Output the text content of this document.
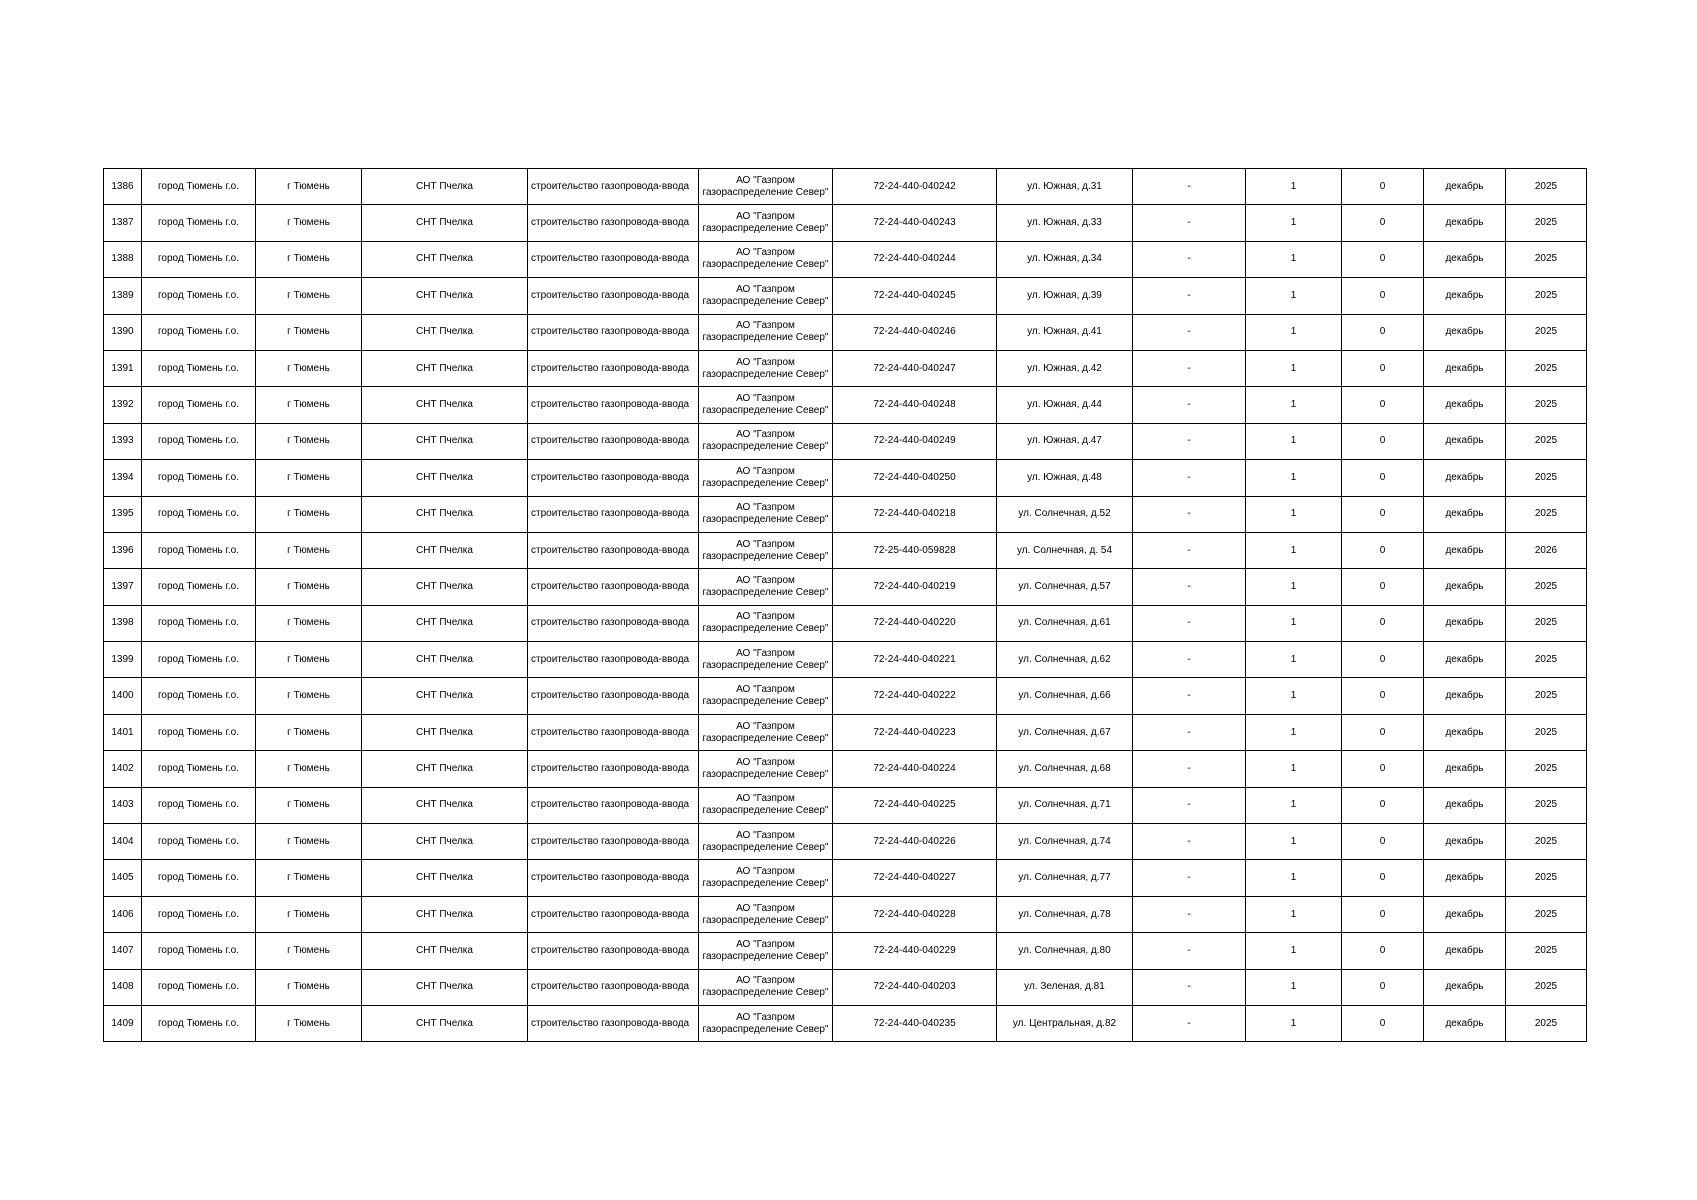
1386	город Тюмень г.о.	г Тюмень	СНТ Пчелка	строительство газопровода-ввода	АО "Газпром газораспределение Север"	72-24-440-040242	ул. Южная, д.31	-	1	0	декабрь	2025
1387	город Тюмень г.о.	г Тюмень	СНТ Пчелка	строительство газопровода-ввода	АО "Газпром газораспределение Север"	72-24-440-040243	ул. Южная, д.33	-	1	0	декабрь	2025
1388	город Тюмень г.о.	г Тюмень	СНТ Пчелка	строительство газопровода-ввода	АО "Газпром газораспределение Север"	72-24-440-040244	ул. Южная, д.34	-	1	0	декабрь	2025
1389	город Тюмень г.о.	г Тюмень	СНТ Пчелка	строительство газопровода-ввода	АО "Газпром газораспределение Север"	72-24-440-040245	ул. Южная, д.39	-	1	0	декабрь	2025
1390	город Тюмень г.о.	г Тюмень	СНТ Пчелка	строительство газопровода-ввода	АО "Газпром газораспределение Север"	72-24-440-040246	ул. Южная, д.41	-	1	0	декабрь	2025
1391	город Тюмень г.о.	г Тюмень	СНТ Пчелка	строительство газопровода-ввода	АО "Газпром газораспределение Север"	72-24-440-040247	ул. Южная, д.42	-	1	0	декабрь	2025
1392	город Тюмень г.о.	г Тюмень	СНТ Пчелка	строительство газопровода-ввода	АО "Газпром газораспределение Север"	72-24-440-040248	ул. Южная, д.44	-	1	0	декабрь	2025
1393	город Тюмень г.о.	г Тюмень	СНТ Пчелка	строительство газопровода-ввода	АО "Газпром газораспределение Север"	72-24-440-040249	ул. Южная, д.47	-	1	0	декабрь	2025
1394	город Тюмень г.о.	г Тюмень	СНТ Пчелка	строительство газопровода-ввода	АО "Газпром газораспределение Север"	72-24-440-040250	ул. Южная, д.48	-	1	0	декабрь	2025
1395	город Тюмень г.о.	г Тюмень	СНТ Пчелка	строительство газопровода-ввода	АО "Газпром газораспределение Север"	72-24-440-040218	ул. Солнечная, д.52	-	1	0	декабрь	2025
1396	город Тюмень г.о.	г Тюмень	СНТ Пчелка	строительство газопровода-ввода	АО "Газпром газораспределение Север"	72-25-440-059828	ул. Солнечная, д. 54	-	1	0	декабрь	2026
1397	город Тюмень г.о.	г Тюмень	СНТ Пчелка	строительство газопровода-ввода	АО "Газпром газораспределение Север"	72-24-440-040219	ул. Солнечная, д.57	-	1	0	декабрь	2025
1398	город Тюмень г.о.	г Тюмень	СНТ Пчелка	строительство газопровода-ввода	АО "Газпром газораспределение Север"	72-24-440-040220	ул. Солнечная, д.61	-	1	0	декабрь	2025
1399	город Тюмень г.о.	г Тюмень	СНТ Пчелка	строительство газопровода-ввода	АО "Газпром газораспределение Север"	72-24-440-040221	ул. Солнечная, д.62	-	1	0	декабрь	2025
1400	город Тюмень г.о.	г Тюмень	СНТ Пчелка	строительство газопровода-ввода	АО "Газпром газораспределение Север"	72-24-440-040222	ул. Солнечная, д.66	-	1	0	декабрь	2025
1401	город Тюмень г.о.	г Тюмень	СНТ Пчелка	строительство газопровода-ввода	АО "Газпром газораспределение Север"	72-24-440-040223	ул. Солнечная, д.67	-	1	0	декабрь	2025
1402	город Тюмень г.о.	г Тюмень	СНТ Пчелка	строительство газопровода-ввода	АО "Газпром газораспределение Север"	72-24-440-040224	ул. Солнечная, д.68	-	1	0	декабрь	2025
1403	город Тюмень г.о.	г Тюмень	СНТ Пчелка	строительство газопровода-ввода	АО "Газпром газораспределение Север"	72-24-440-040225	ул. Солнечная, д.71	-	1	0	декабрь	2025
1404	город Тюмень г.о.	г Тюмень	СНТ Пчелка	строительство газопровода-ввода	АО "Газпром газораспределение Север"	72-24-440-040226	ул. Солнечная, д.74	-	1	0	декабрь	2025
1405	город Тюмень г.о.	г Тюмень	СНТ Пчелка	строительство газопровода-ввода	АО "Газпром газораспределение Север"	72-24-440-040227	ул. Солнечная, д.77	-	1	0	декабрь	2025
1406	город Тюмень г.о.	г Тюмень	СНТ Пчелка	строительство газопровода-ввода	АО "Газпром газораспределение Север"	72-24-440-040228	ул. Солнечная, д.78	-	1	0	декабрь	2025
1407	город Тюмень г.о.	г Тюмень	СНТ Пчелка	строительство газопровода-ввода	АО "Газпром газораспределение Север"	72-24-440-040229	ул. Солнечная, д.80	-	1	0	декабрь	2025
1408	город Тюмень г.о.	г Тюмень	СНТ Пчелка	строительство газопровода-ввода	АО "Газпром газораспределение Север"	72-24-440-040203	ул. Зеленая, д.81	-	1	0	декабрь	2025
1409	город Тюмень г.о.	г Тюмень	СНТ Пчелка	строительство газопровода-ввода	АО "Газпром газораспределение Север"	72-24-440-040235	ул. Центральная, д.82	-	1	0	декабрь	2025
